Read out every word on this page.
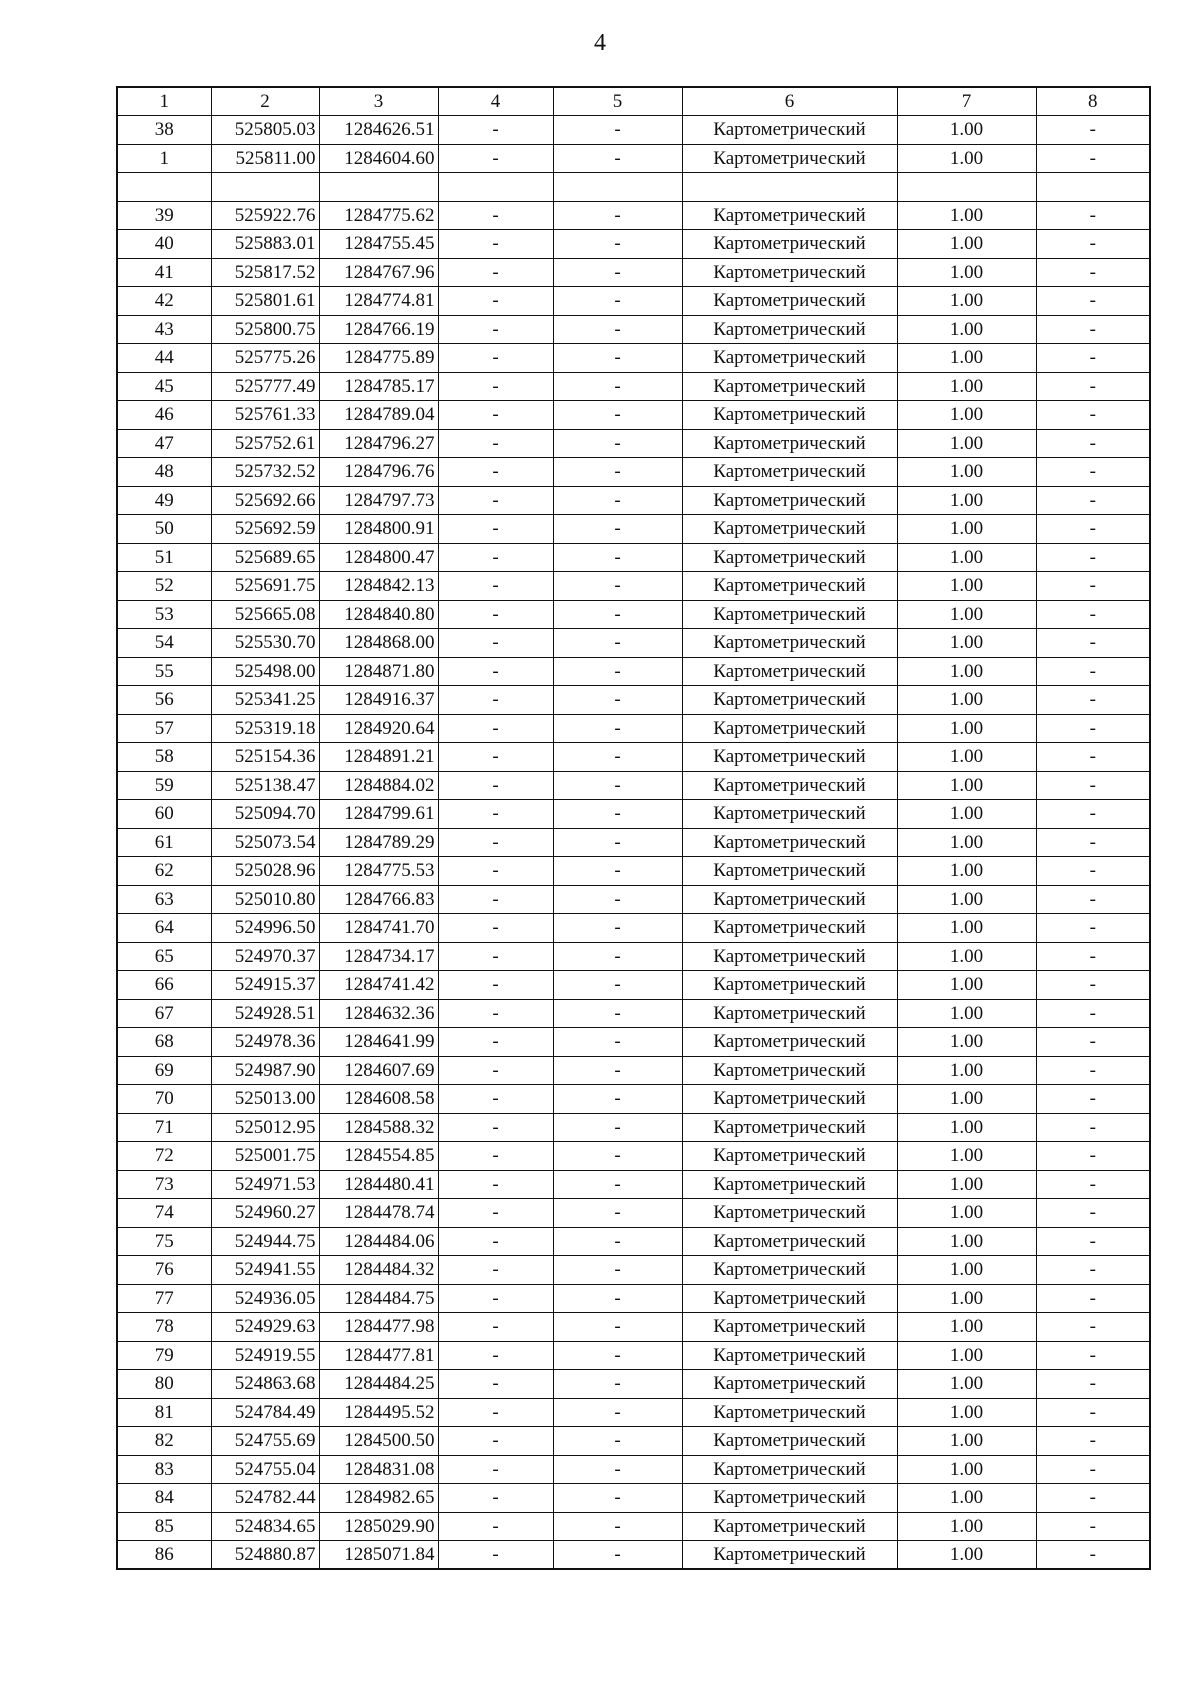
4
1	2	3	4	5	6	7	8
38	525805.03	1284626.51	-	-	Картометрический	1.00	-
1	525811.00	1284604.60	-	-	Картометрический	1.00	-

39	525922.76	1284775.62	-	-	Картометрический	1.00	-
40	525883.01	1284755.45	-	-	Картометрический	1.00	-
41	525817.52	1284767.96	-	-	Картометрический	1.00	-
42	525801.61	1284774.81	-	-	Картометрический	1.00	-
43	525800.75	1284766.19	-	-	Картометрический	1.00	-
44	525775.26	1284775.89	-	-	Картометрический	1.00	-
45	525777.49	1284785.17	-	-	Картометрический	1.00	-
46	525761.33	1284789.04	-	-	Картометрический	1.00	-
47	525752.61	1284796.27	-	-	Картометрический	1.00	-
48	525732.52	1284796.76	-	-	Картометрический	1.00	-
49	525692.66	1284797.73	-	-	Картометрический	1.00	-
50	525692.59	1284800.91	-	-	Картометрический	1.00	-
51	525689.65	1284800.47	-	-	Картометрический	1.00	-
52	525691.75	1284842.13	-	-	Картометрический	1.00	-
53	525665.08	1284840.80	-	-	Картометрический	1.00	-
54	525530.70	1284868.00	-	-	Картометрический	1.00	-
55	525498.00	1284871.80	-	-	Картометрический	1.00	-
56	525341.25	1284916.37	-	-	Картометрический	1.00	-
57	525319.18	1284920.64	-	-	Картометрический	1.00	-
58	525154.36	1284891.21	-	-	Картометрический	1.00	-
59	525138.47	1284884.02	-	-	Картометрический	1.00	-
60	525094.70	1284799.61	-	-	Картометрический	1.00	-
61	525073.54	1284789.29	-	-	Картометрический	1.00	-
62	525028.96	1284775.53	-	-	Картометрический	1.00	-
63	525010.80	1284766.83	-	-	Картометрический	1.00	-
64	524996.50	1284741.70	-	-	Картометрический	1.00	-
65	524970.37	1284734.17	-	-	Картометрический	1.00	-
66	524915.37	1284741.42	-	-	Картометрический	1.00	-
67	524928.51	1284632.36	-	-	Картометрический	1.00	-
68	524978.36	1284641.99	-	-	Картометрический	1.00	-
69	524987.90	1284607.69	-	-	Картометрический	1.00	-
70	525013.00	1284608.58	-	-	Картометрический	1.00	-
71	525012.95	1284588.32	-	-	Картометрический	1.00	-
72	525001.75	1284554.85	-	-	Картометрический	1.00	-
73	524971.53	1284480.41	-	-	Картометрический	1.00	-
74	524960.27	1284478.74	-	-	Картометрический	1.00	-
75	524944.75	1284484.06	-	-	Картометрический	1.00	-
76	524941.55	1284484.32	-	-	Картометрический	1.00	-
77	524936.05	1284484.75	-	-	Картометрический	1.00	-
78	524929.63	1284477.98	-	-	Картометрический	1.00	-
79	524919.55	1284477.81	-	-	Картометрический	1.00	-
80	524863.68	1284484.25	-	-	Картометрический	1.00	-
81	524784.49	1284495.52	-	-	Картометрический	1.00	-
82	524755.69	1284500.50	-	-	Картометрический	1.00	-
83	524755.04	1284831.08	-	-	Картометрический	1.00	-
84	524782.44	1284982.65	-	-	Картометрический	1.00	-
85	524834.65	1285029.90	-	-	Картометрический	1.00	-
86	524880.87	1285071.84	-	-	Картометрический	1.00	-
